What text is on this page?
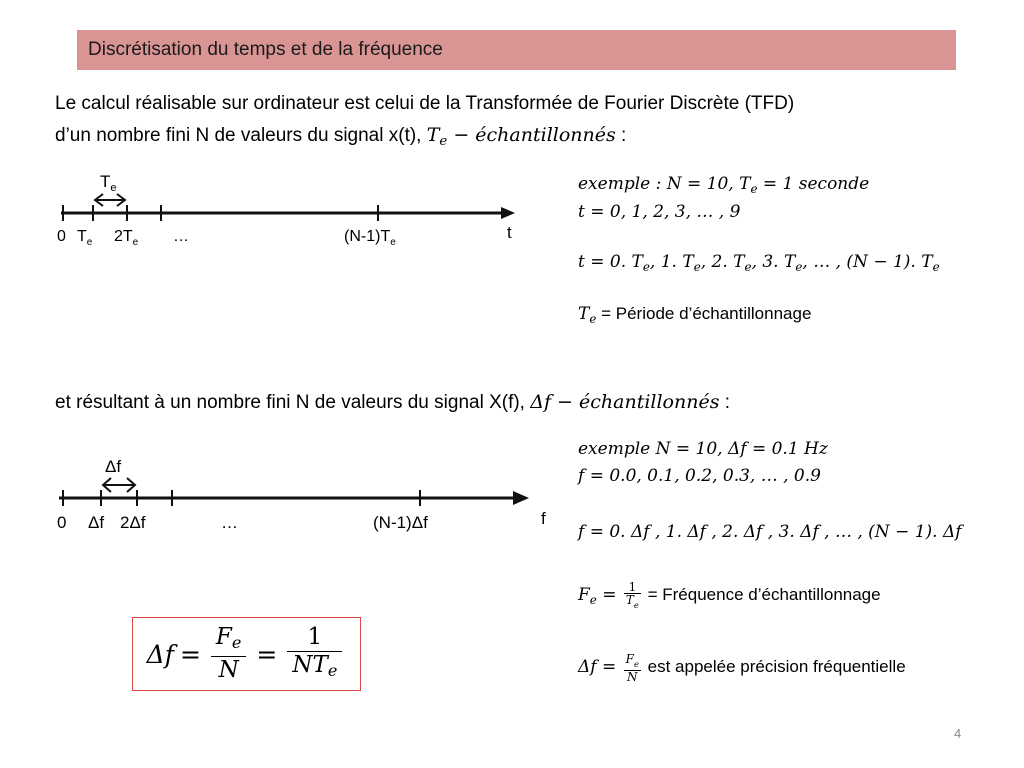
Discrétisation du temps et de la fréquence
Le calcul réalisable sur ordinateur est celui de la Transformée de Fourier Discrète (TFD)
d’un nombre fini N de valeurs du signal x(t), $T_e$ − échantillonnés :
$T_e$
0 $T_e$ $2T_e$ …	$(N-1)T_e$
t
exemple : N = 10, $T_e = 1$ seconde
t = 0, 1, 2, 3, … , 9
t = 0. $T_e$, 1. $T_e$, 2. $T_e$, 3. $T_e$, … , (N − 1). $T_e$
$T_e$ = Période d’échantillonnage
et résultant à un nombre fini N de valeurs du signal X(f), Δf − échantillonnés :
Δf
0 Δf 2Δf	…	(N-1)Δf	f
exemple N = 10, Δf = 0.1 Hz
f = 0.0, 0.1, 0.2, 0.3, … , 0.9
f = 0. Δf , 1. Δf , 2. Δf , 3. Δf , … , (N − 1). Δf
$F_e = \frac{1}{T_e}$ = Fréquence d’échantillonnage
$\Delta f = \frac{F_e}{N}$ est appelée précision fréquentielle
$\Delta f = \frac{F_e}{N} = \frac{1}{NT_e}$
4
